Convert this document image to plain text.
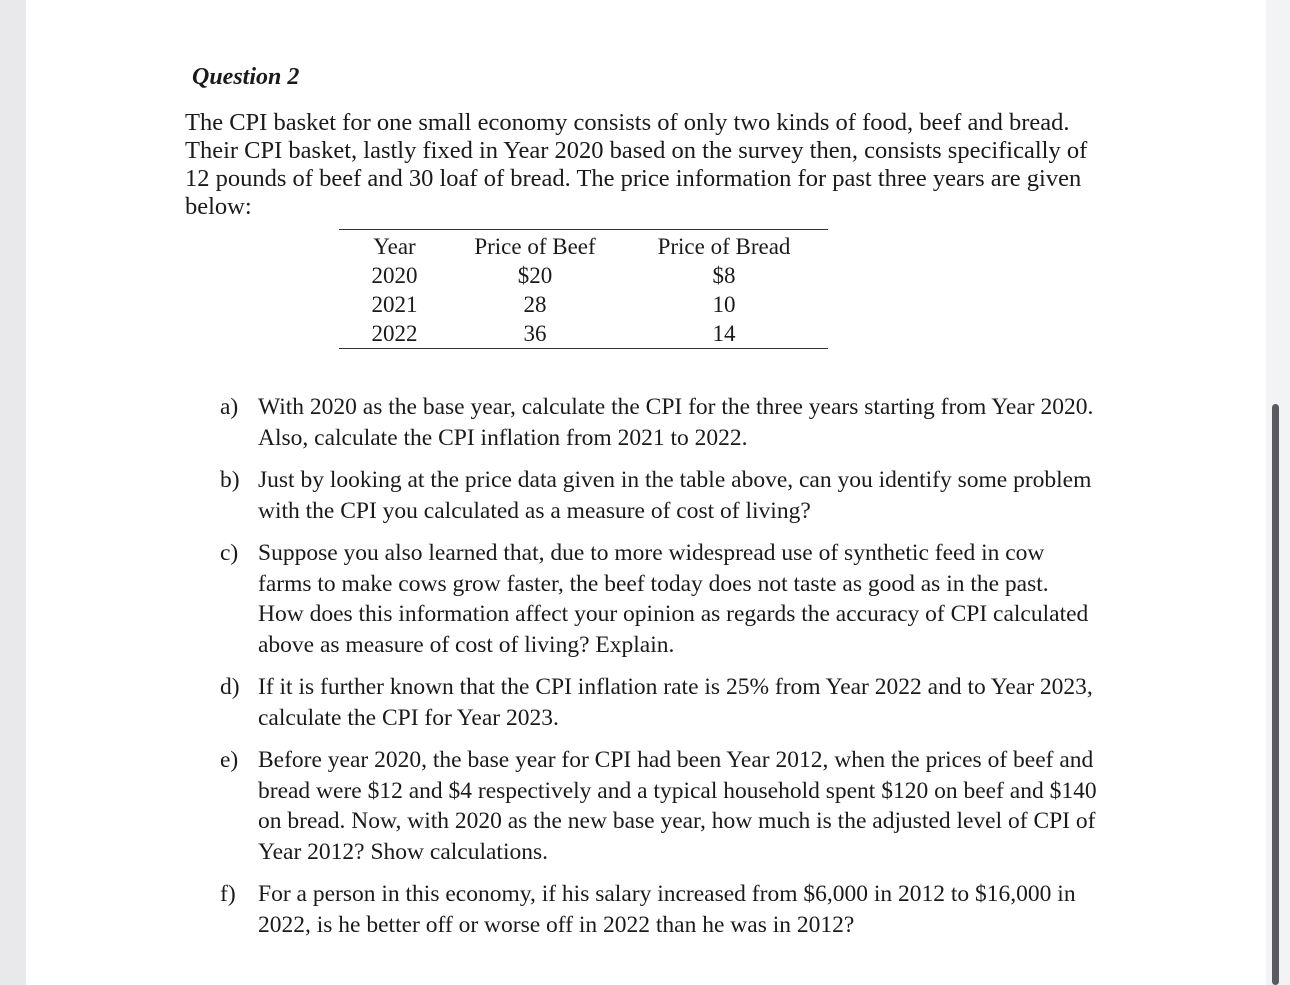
Question 2

The CPI basket for one small economy consists of only two kinds of food, beef and bread. Their CPI basket, lastly fixed in Year 2020 based on the survey then, consists specifically of 12 pounds of beef and 30 loaf of bread. The price information for past three years are given below:

Year	Price of Beef	Price of Bread
2020	$20	$8
2021	28	10
2022	36	14
a) With 2020 as the base year, calculate the CPI for the three years starting from Year 2020. Also, calculate the CPI inflation from 2021 to 2022.
b) Just by looking at the price data given in the table above, can you identify some problem with the CPI you calculated as a measure of cost of living?
c) Suppose you also learned that, due to more widespread use of synthetic feed in cow farms to make cows grow faster, the beef today does not taste as good as in the past. How does this information affect your opinion as regards the accuracy of CPI calculated above as measure of cost of living? Explain.
d) If it is further known that the CPI inflation rate is 25% from Year 2022 and to Year 2023, calculate the CPI for Year 2023.
e) Before year 2020, the base year for CPI had been Year 2012, when the prices of beef and bread were $12 and $4 respectively and a typical household spent $120 on beef and $140 on bread. Now, with 2020 as the new base year, how much is the adjusted level of CPI of Year 2012? Show calculations.
f) For a person in this economy, if his salary increased from $6,000 in 2012 to $16,000 in 2022, is he better off or worse off in 2022 than he was in 2012?
